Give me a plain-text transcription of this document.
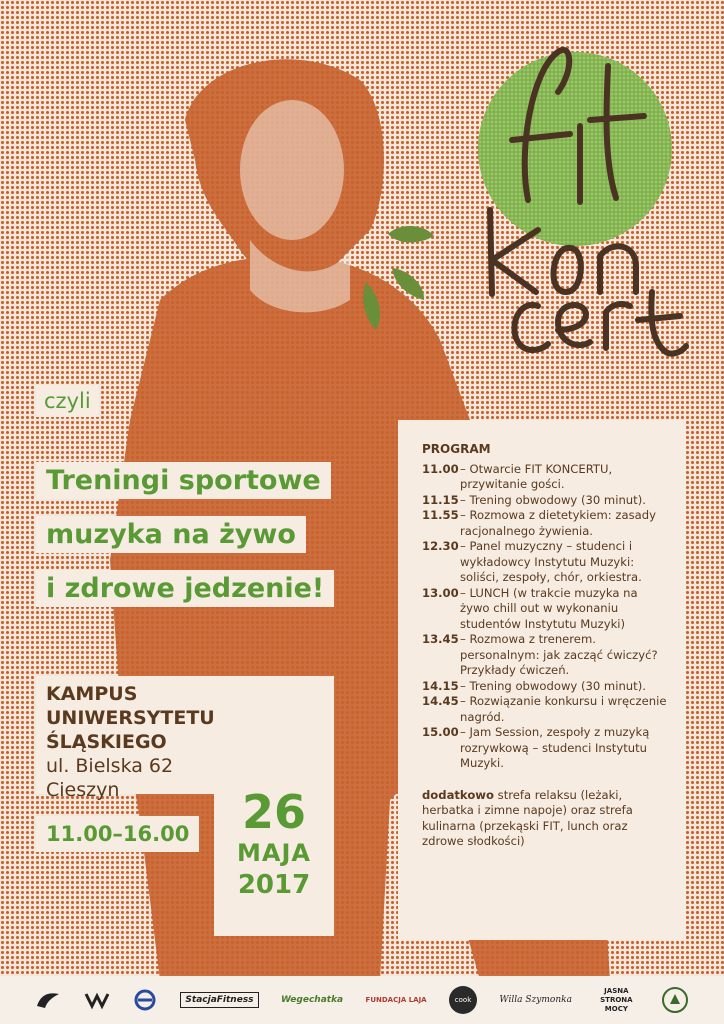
czyli
Treningi sportowe
muzyka na żywo
i zdrowe jedzenie!
KAMPUS
UNIWERSYTETU ŚLĄSKIEGO
ul. Bielska 62
Cieszyn
11.00–16.00	26
MAJA
2017
PROGRAM
11.00 – Otwarcie FIT KONCERTU, przywitanie gości.
11.15 – Trening obwodowy (30 minut).
11.55 – Rozmowa z dietetykiem: zasady racjonalnego żywienia.
12.30 – Panel muzyczny – studenci i wykładowcy Instytutu Muzyki: soliści, zespoły, chór, orkiestra.
13.00 – LUNCH (w trakcie muzyka na żywo chill out w wykonaniu studentów Instytutu Muzyki)
13.45 – Rozmowa z trenerem. personalnym: jak zacząć ćwiczyć? Przykłady ćwiczeń.
14.15 – Trening obwodowy (30 minut).
14.45 – Rozwiązanie konkursu i wręczenie nagród.
15.00 – Jam Session, zespoły z muzyką rozrywkową – studenci Instytutu Muzyki.
dodatkowo strefa relaksu (leżaki, herbatka i zimne napoje) oraz strefa kulinarna (przekąski FIT, lunch oraz zdrowe słodkości)
StacjaFitness	Wegechatka	FUNDACJA LAJA	cook	Willa Szymonka
JASNA STRONA MOCY
